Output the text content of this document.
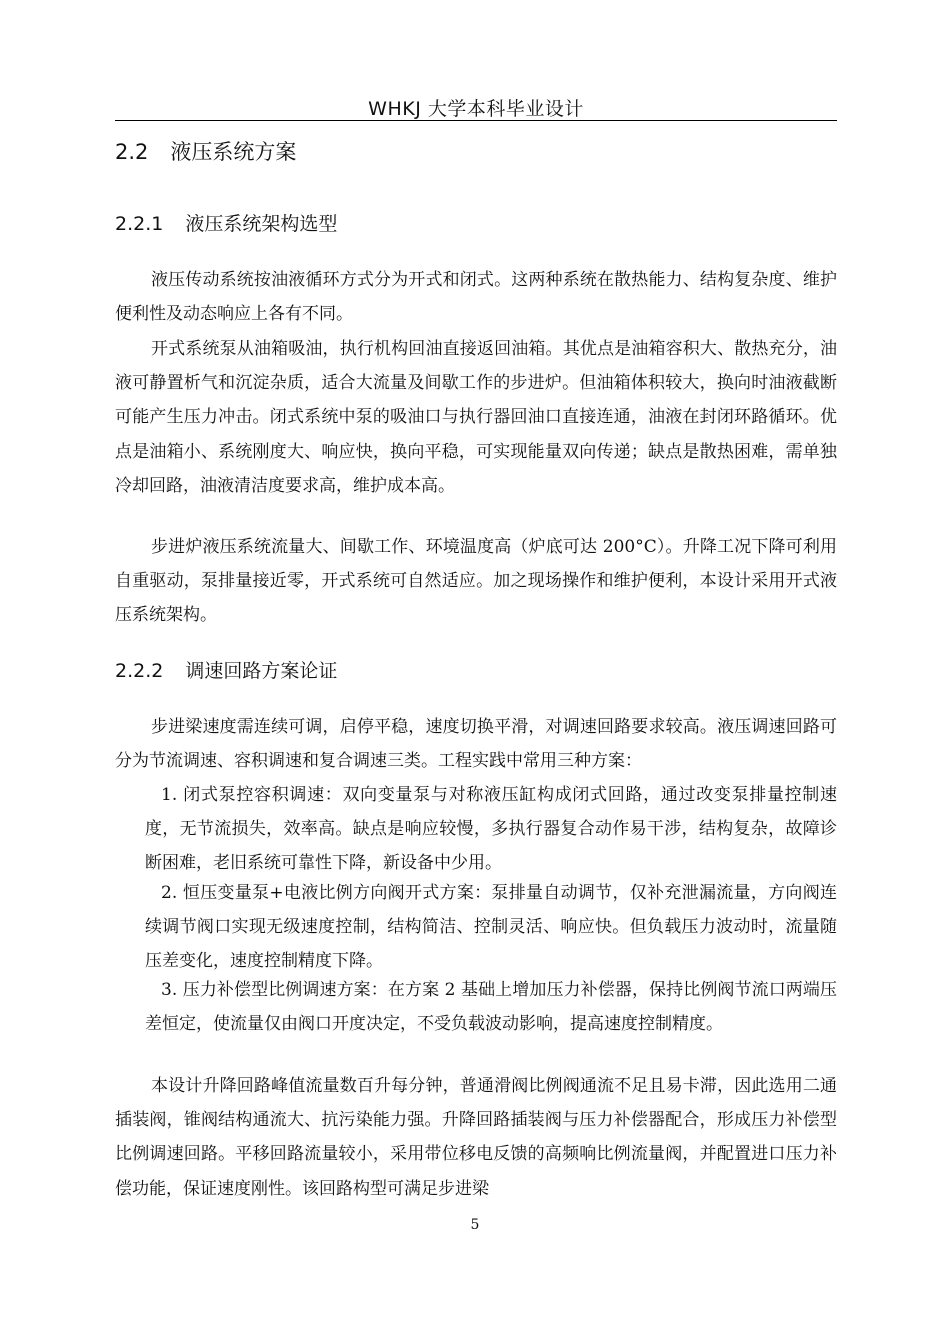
WHKJ 大学本科毕业设计
2.2 液压系统方案
2.2.1 液压系统架构选型

液压传动系统按油液循环方式分为开式和闭式。这两种系统在散热能力、结构复杂度、维护便利性及动态响应上各有不同。

开式系统泵从油箱吸油，执行机构回油直接返回油箱。其优点是油箱容积大、散热充分，油液可静置析气和沉淀杂质，适合大流量及间歇工作的步进炉。但油箱体积较大，换向时油液截断可能产生压力冲击。闭式系统中泵的吸油口与执行器回油口直接连通，油液在封闭环路循环。优点是油箱小、系统刚度大、响应快，换向平稳，可实现能量双向传递；缺点是散热困难，需单独冷却回路，油液清洁度要求高，维护成本高。

步进炉液压系统流量大、间歇工作、环境温度高（炉底可达 200°C）。升降工况下降可利用自重驱动，泵排量接近零，开式系统可自然适应。加之现场操作和维护便利，本设计采用开式液压系统架构。

2.2.2 调速回路方案论证

步进梁速度需连续可调，启停平稳，速度切换平滑，对调速回路要求较高。液压调速回路可分为节流调速、容积调速和复合调速三类。工程实践中常用三种方案：

1. 闭式泵控容积调速：双向变量泵与对称液压缸构成闭式回路，通过改变泵排量控制速度，无节流损失，效率高。缺点是响应较慢，多执行器复合动作易干涉，结构复杂，故障诊断困难，老旧系统可靠性下降，新设备中少用。

2. 恒压变量泵+电液比例方向阀开式方案：泵排量自动调节，仅补充泄漏流量，方向阀连续调节阀口实现无级速度控制，结构简洁、控制灵活、响应快。但负载压力波动时，流量随压差变化，速度控制精度下降。

3. 压力补偿型比例调速方案：在方案 2 基础上增加压力补偿器，保持比例阀节流口两端压差恒定，使流量仅由阀口开度决定，不受负载波动影响，提高速度控制精度。

本设计升降回路峰值流量数百升每分钟，普通滑阀比例阀通流不足且易卡滞，因此选用二通插装阀，锥阀结构通流大、抗污染能力强。升降回路插装阀与压力补偿器配合，形成压力补偿型比例调速回路。平移回路流量较小，采用带位移电反馈的高频响比例流量阀，并配置进口压力补偿功能，保证速度刚性。该回路构型可满足步进梁

5
